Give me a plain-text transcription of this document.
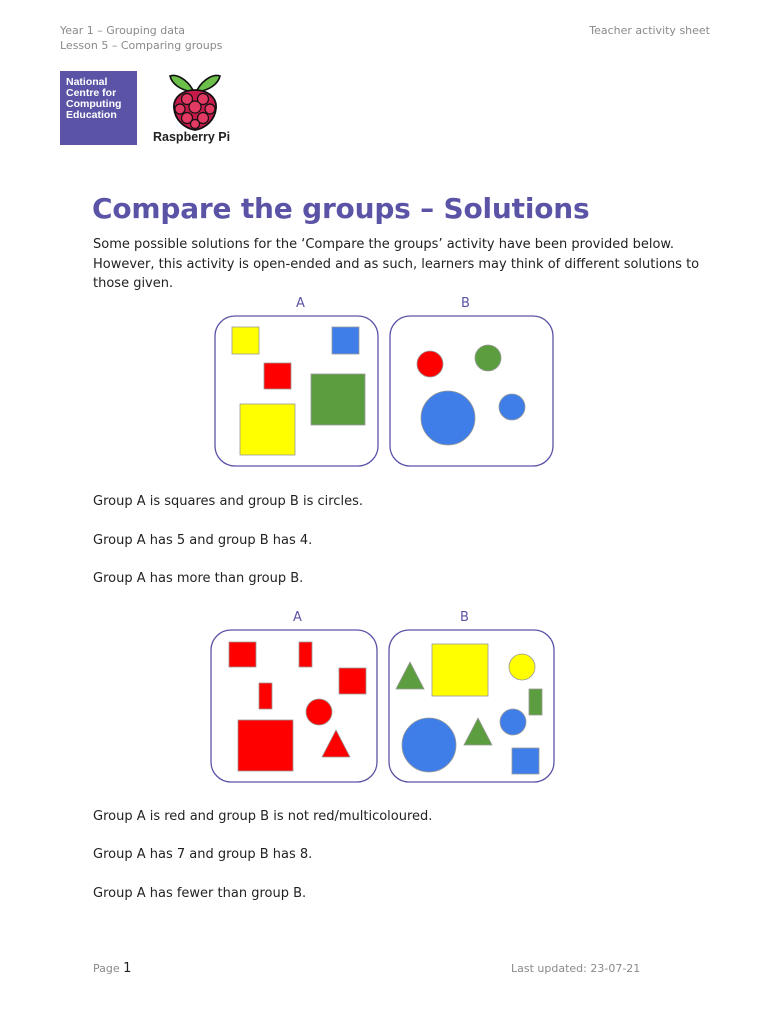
Year 1 – Grouping data
Lesson 5 – Comparing groups
Teacher activity sheet
National
Centre for
Computing
Education
Raspberry Pi
Compare the groups – Solutions

Some possible solutions for the ‘Compare the groups’ activity have been provided below. However, this activity is open-ended and as such, learners may think of different solutions to those given.

A	B

Group A is squares and group B is circles.

Group A has 5 and group B has 4.

Group A has more than group B.

A	B

Group A is red and group B is not red/multicoloured.

Group A has 7 and group B has 8.

Group A has fewer than group B.

Page 1	Last updated: 23-07-21
